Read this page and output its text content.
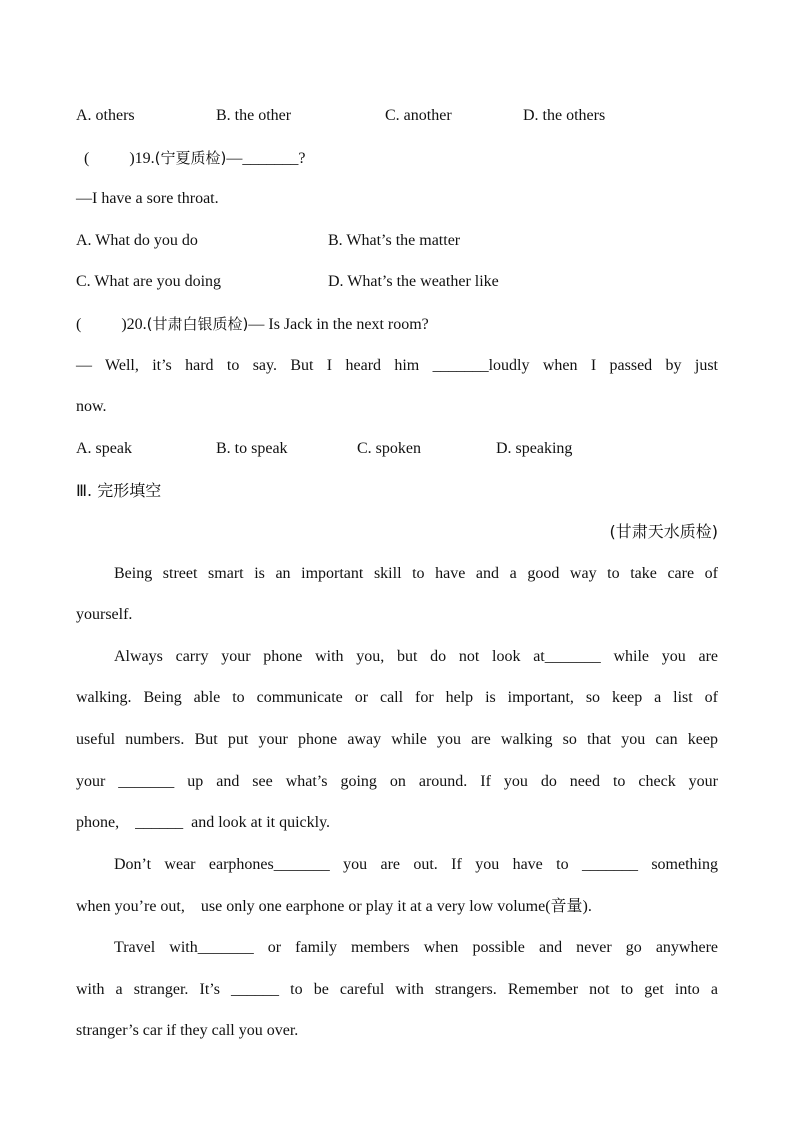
A. others	B. the other	C. another	D. the others
(          )19.(宁夏质检)—_______?
—I have a sore throat.
A. What do you do	B. What’s the matter
C. What are you doing	D. What’s the weather like
(          )20.(甘肃白银质检)— Is Jack in the next room?
— Well, it’s hard to say. But I heard him _______loudly when I passed by just
now.
A. speak	B. to speak	C. spoken	D. speaking
Ⅲ. 完形填空
(甘肃天水质检)
Being street smart is an important skill to have and a good way to take care of
yourself.
Always carry your phone with you, but do not look at_______ while you are
walking. Being able to communicate or call for help is important, so keep a list of
useful numbers. But put your phone away while you are walking so that you can keep
your _______ up and see what’s going on around. If you do need to check your
phone,    ______  and look at it quickly.
Don’t wear earphones_______ you are out. If you have to _______ something
when you’re out,    use only one earphone or play it at a very low volume(音量).
Travel with_______ or family members when possible and never go anywhere
with a stranger. It’s ______ to be careful with strangers. Remember not to get into a
stranger’s car if they call you over.
